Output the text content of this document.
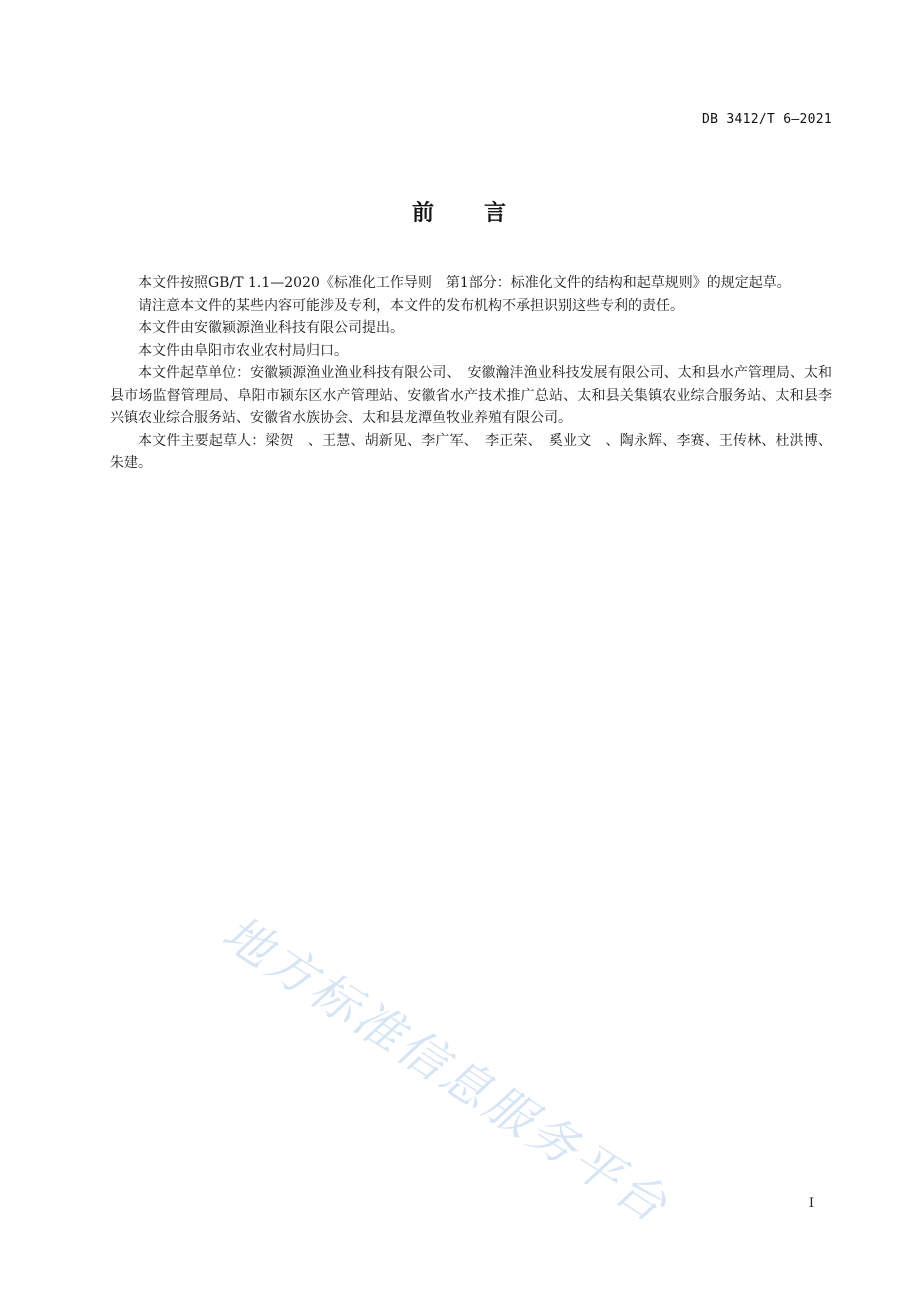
DB 3412/T 6—2021
前　　言

本文件按照GB/T 1.1—2020《标准化工作导则　第1部分：标准化文件的结构和起草规则》的规定起草。

请注意本文件的某些内容可能涉及专利，本文件的发布机构不承担识别这些专利的责任。

本文件由安徽颍源渔业科技有限公司提出。

本文件由阜阳市农业农村局归口。

本文件起草单位：安徽颍源渔业渔业科技有限公司、　安徽瀚沣渔业科技发展有限公司、太和县水产管理局、太和县市场监督管理局、阜阳市颍东区水产管理站、安徽省水产技术推广总站、太和县关集镇农业综合服务站、太和县李兴镇农业综合服务站、安徽省水族协会、太和县龙潭鱼牧业养殖有限公司。

本文件主要起草人：梁贺　、王慧、胡新见、李广军、　李正荣、　奚业文　、陶永辉、李赛、王传林、杜洪博、朱建。

地方标准信息服务平台	I
